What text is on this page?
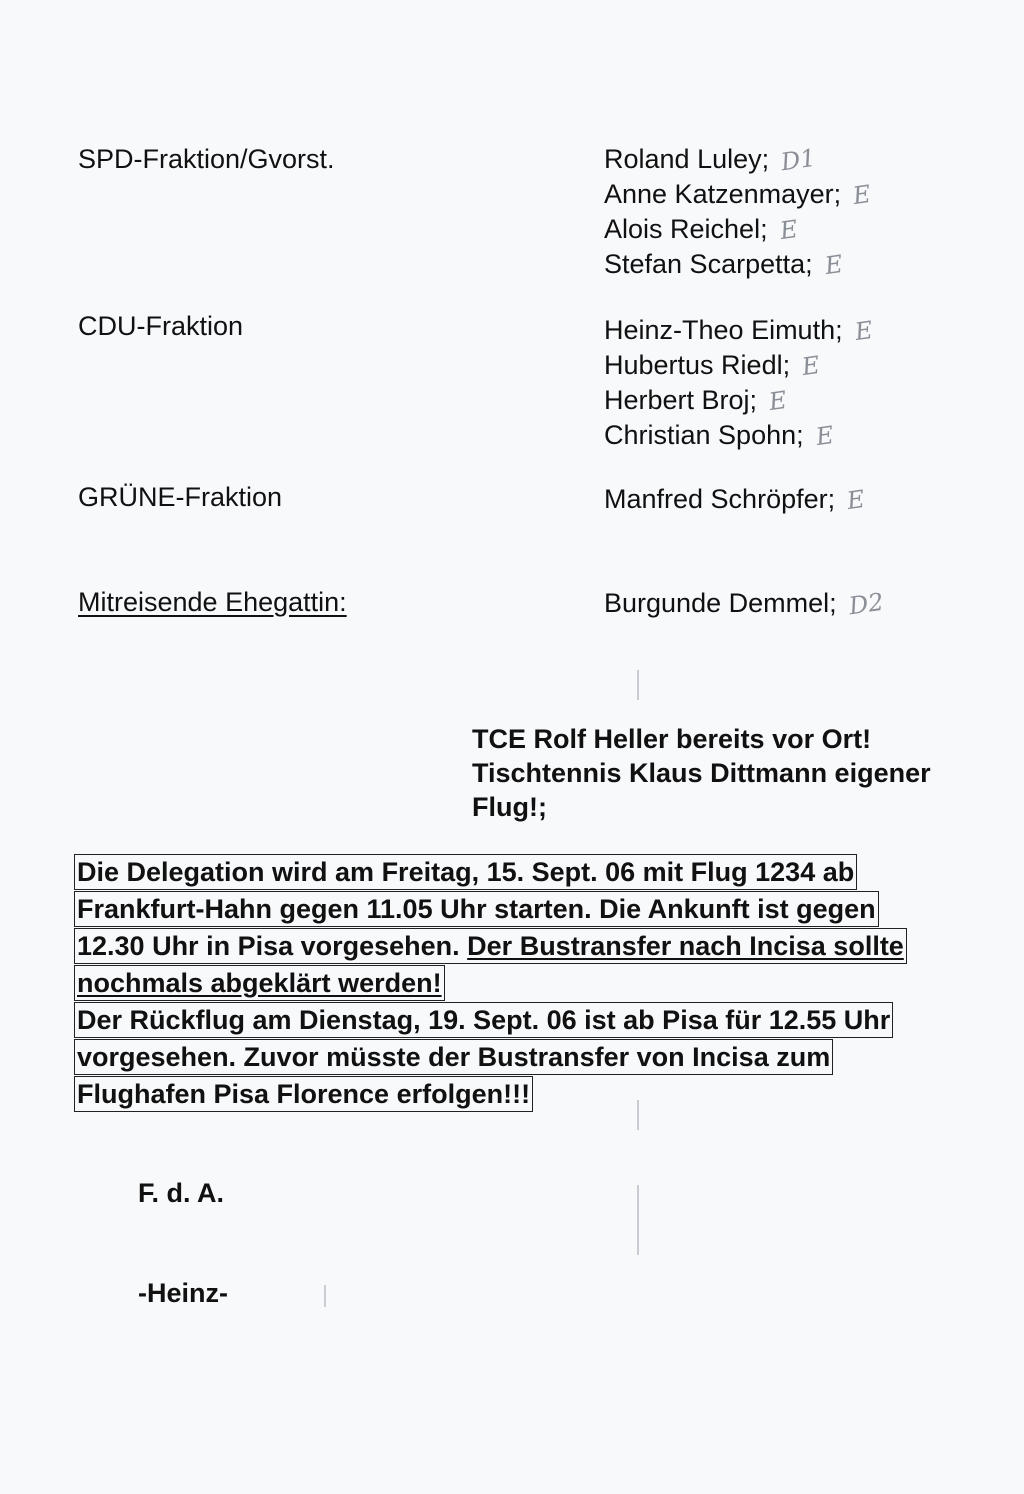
SPD-Fraktion/Gvorst.	Roland Luley; D1
Anne Katzenmayer; E
Alois Reichel; E
Stefan Scarpetta; E
CDU-Fraktion	Heinz-Theo Eimuth; E
Hubertus Riedl; E
Herbert Broj; E
Christian Spohn; E
GRÜNE-Fraktion	Manfred Schröpfer; E
Mitreisende Ehegattin:	Burgunde Demmel; D2
TCE Rolf Heller bereits vor Ort!
Tischtennis Klaus Dittmann eigener
Flug!;
Die Delegation wird am Freitag, 15. Sept. 06 mit Flug 1234 ab
Frankfurt-Hahn gegen 11.05 Uhr starten. Die Ankunft ist gegen
12.30 Uhr in Pisa vorgesehen. Der Bustransfer nach Incisa sollte
nochmals abgeklärt werden!
Der Rückflug am Dienstag, 19. Sept. 06 ist ab Pisa für 12.55 Uhr
vorgesehen. Zuvor müsste der Bustransfer von Incisa zum
Flughafen Pisa Florence erfolgen!!!
F. d. A.
-Heinz-
